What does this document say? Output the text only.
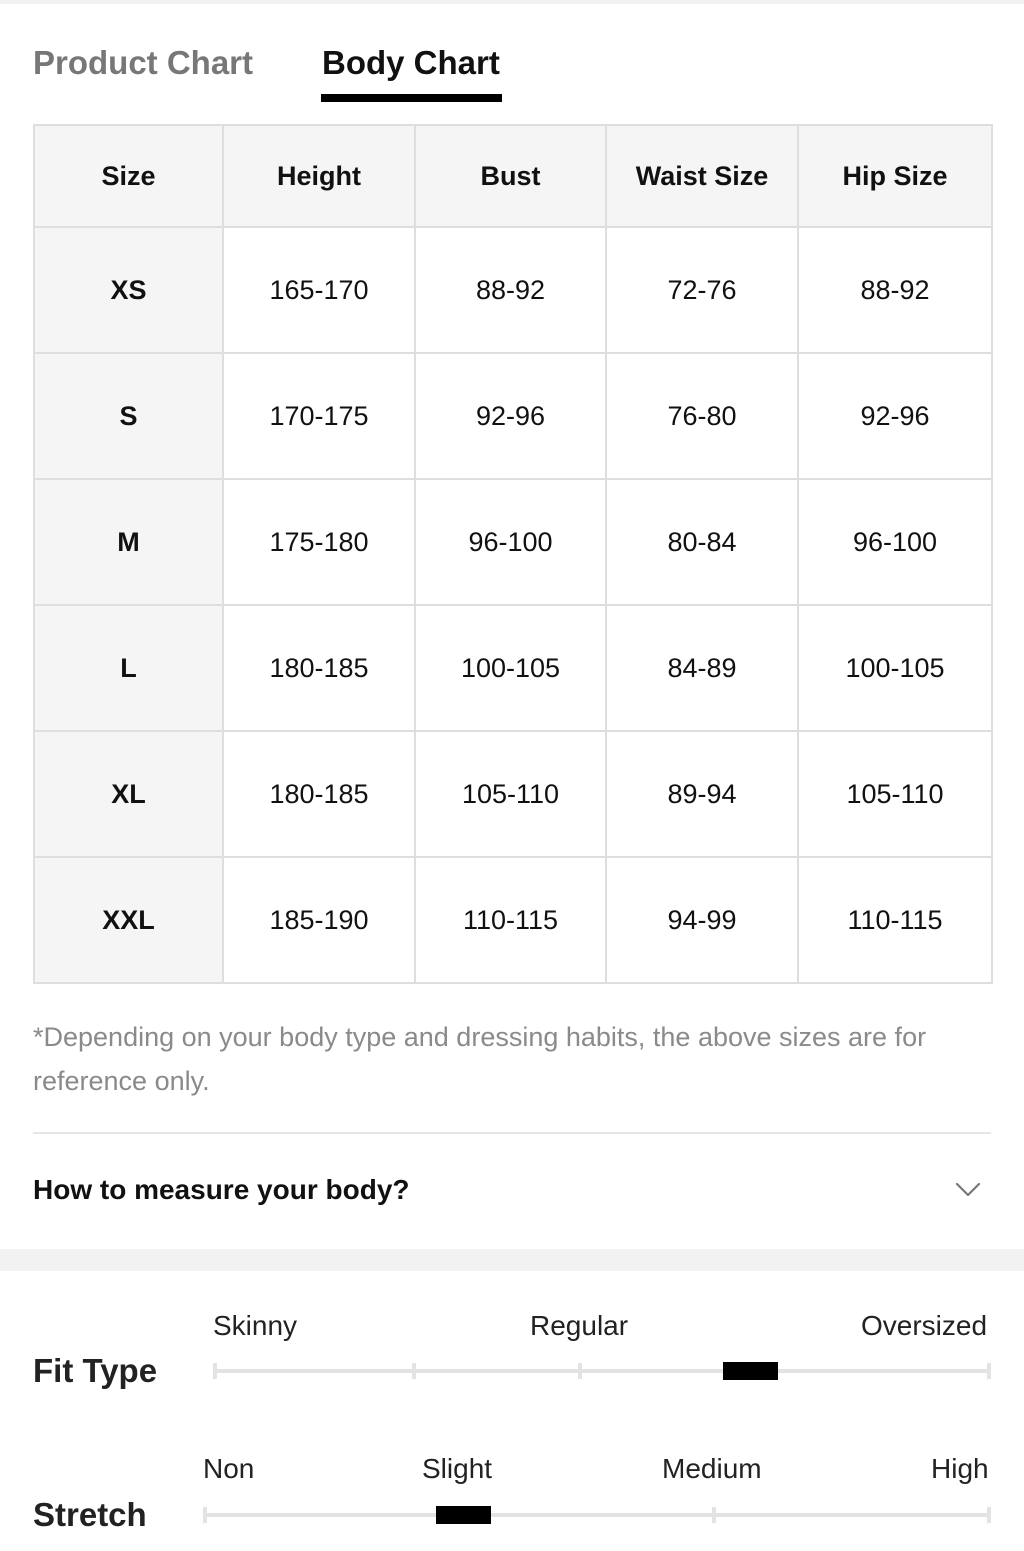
Product Chart Body Chart
Size	Height	Bust	Waist Size	Hip Size
XS	165-170	88-92	72-76	88-92
S	170-175	92-96	76-80	92-96
M	175-180	96-100	80-84	96-100
L	180-185	100-105	84-89	100-105
XL	180-185	105-110	89-94	105-110
XXL	185-190	110-115	94-99	110-115
*Depending on your body type and dressing habits, the above sizes are for reference only.
How to measure your body?
Fit Type
Skinny	Regular	Oversized
Stretch
Non	Slight	Medium	High
